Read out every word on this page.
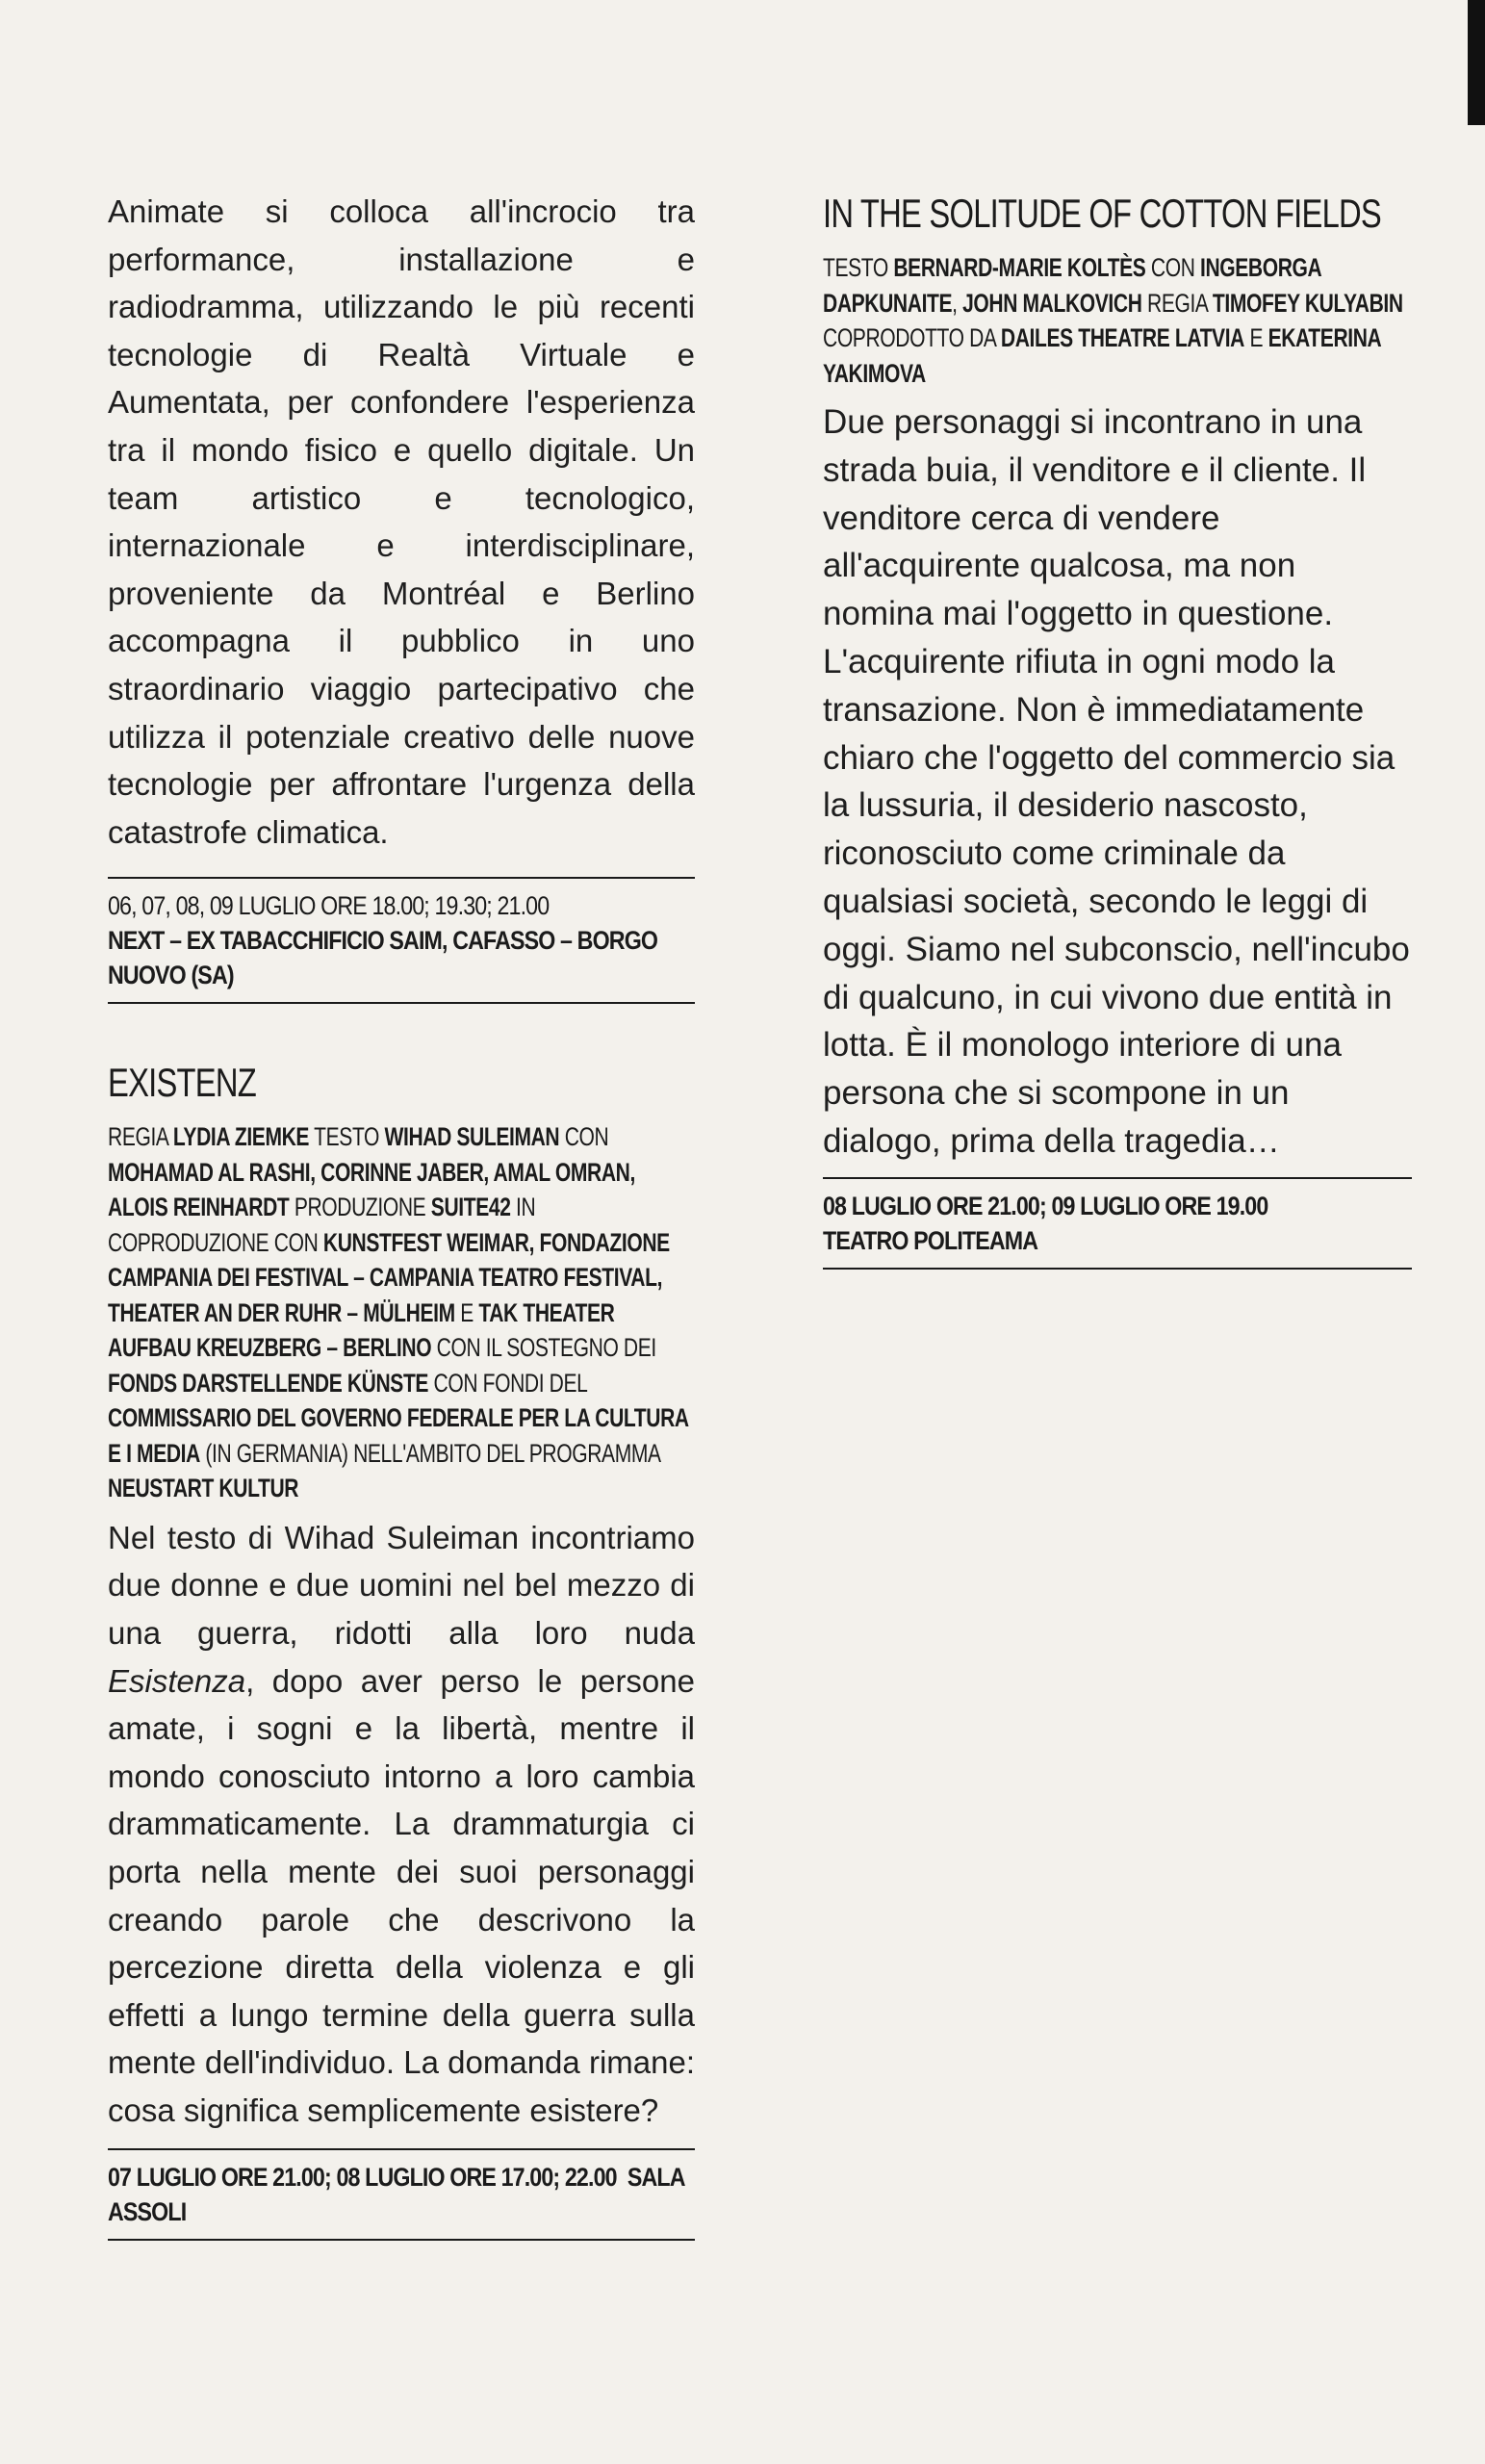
Animate si colloca all'incrocio tra performance, installazione e radiodramma, utilizzando le più recenti tecnologie di Realtà Virtuale e Aumentata, per confondere l'esperienza tra il mondo fisico e quello digitale. Un team artistico e tecnologico, internazionale e interdisciplinare, proveniente da Montréal e Berlino accompagna il pubblico in uno straordinario viaggio partecipativo che utilizza il potenziale creativo delle nuove tecnologie per affrontare l'urgenza della catastrofe climatica.

06, 07, 08, 09 LUGLIO ORE 18.00; 19.30; 21.00
NEXT – EX TABACCHIFICIO SAIM, CAFASSO – BORGO NUOVO (SA)
EXISTENZ
REGIA LYDIA ZIEMKE TESTO WIHAD SULEIMAN CON MOHAMAD AL RASHI, CORINNE JABER, AMAL OMRAN, ALOIS REINHARDT PRODUZIONE SUITE42 IN COPRODUZIONE CON KUNSTFEST WEIMAR, FONDAZIONE CAMPANIA DEI FESTIVAL – CAMPANIA TEATRO FESTIVAL, THEATER AN DER RUHR – MÜLHEIM E TAK THEATER AUFBAU KREUZBERG – BERLINO CON IL SOSTEGNO DEI FONDS DARSTELLENDE KÜNSTE CON FONDI DEL COMMISSARIO DEL GOVERNO FEDERALE PER LA CULTURA E I MEDIA (IN GERMANIA) NELL'AMBITO DEL PROGRAMMA NEUSTART KULTUR

Nel testo di Wihad Suleiman incontriamo due donne e due uomini nel bel mezzo di una guerra, ridotti alla loro nuda Esistenza, dopo aver perso le persone amate, i sogni e la libertà, mentre il mondo conosciuto intorno a loro cambia drammaticamente. La drammaturgia ci porta nella mente dei suoi personaggi creando parole che descrivono la percezione diretta della violenza e gli effetti a lungo termine della guerra sulla mente dell'individuo. La domanda rimane: cosa significa semplicemente esistere?

07 LUGLIO ORE 21.00; 08 LUGLIO ORE 17.00; 22.00 SALA ASSOLI
IN THE SOLITUDE OF COTTON FIELDS
TESTO BERNARD-MARIE KOLTÈS CON INGEBORGA DAPKUNAITE, JOHN MALKOVICH REGIA TIMOFEY KULYABIN COPRODOTTO DA DAILES THEATRE LATVIA E EKATERINA YAKIMOVA

Due personaggi si incontrano in una strada buia, il venditore e il cliente. Il venditore cerca di vendere all'acquirente qualcosa, ma non nomina mai l'oggetto in questione. L'acquirente rifiuta in ogni modo la transazione. Non è immediatamente chiaro che l'oggetto del commercio sia la lussuria, il desiderio nascosto, riconosciuto come criminale da qualsiasi società, secondo le leggi di oggi. Siamo nel subconscio, nell'incubo di qualcuno, in cui vivono due entità in lotta. È il monologo interiore di una persona che si scompone in un dialogo, prima della tragedia…

08 LUGLIO ORE 21.00; 09 LUGLIO ORE 19.00
TEATRO POLITEAMA
